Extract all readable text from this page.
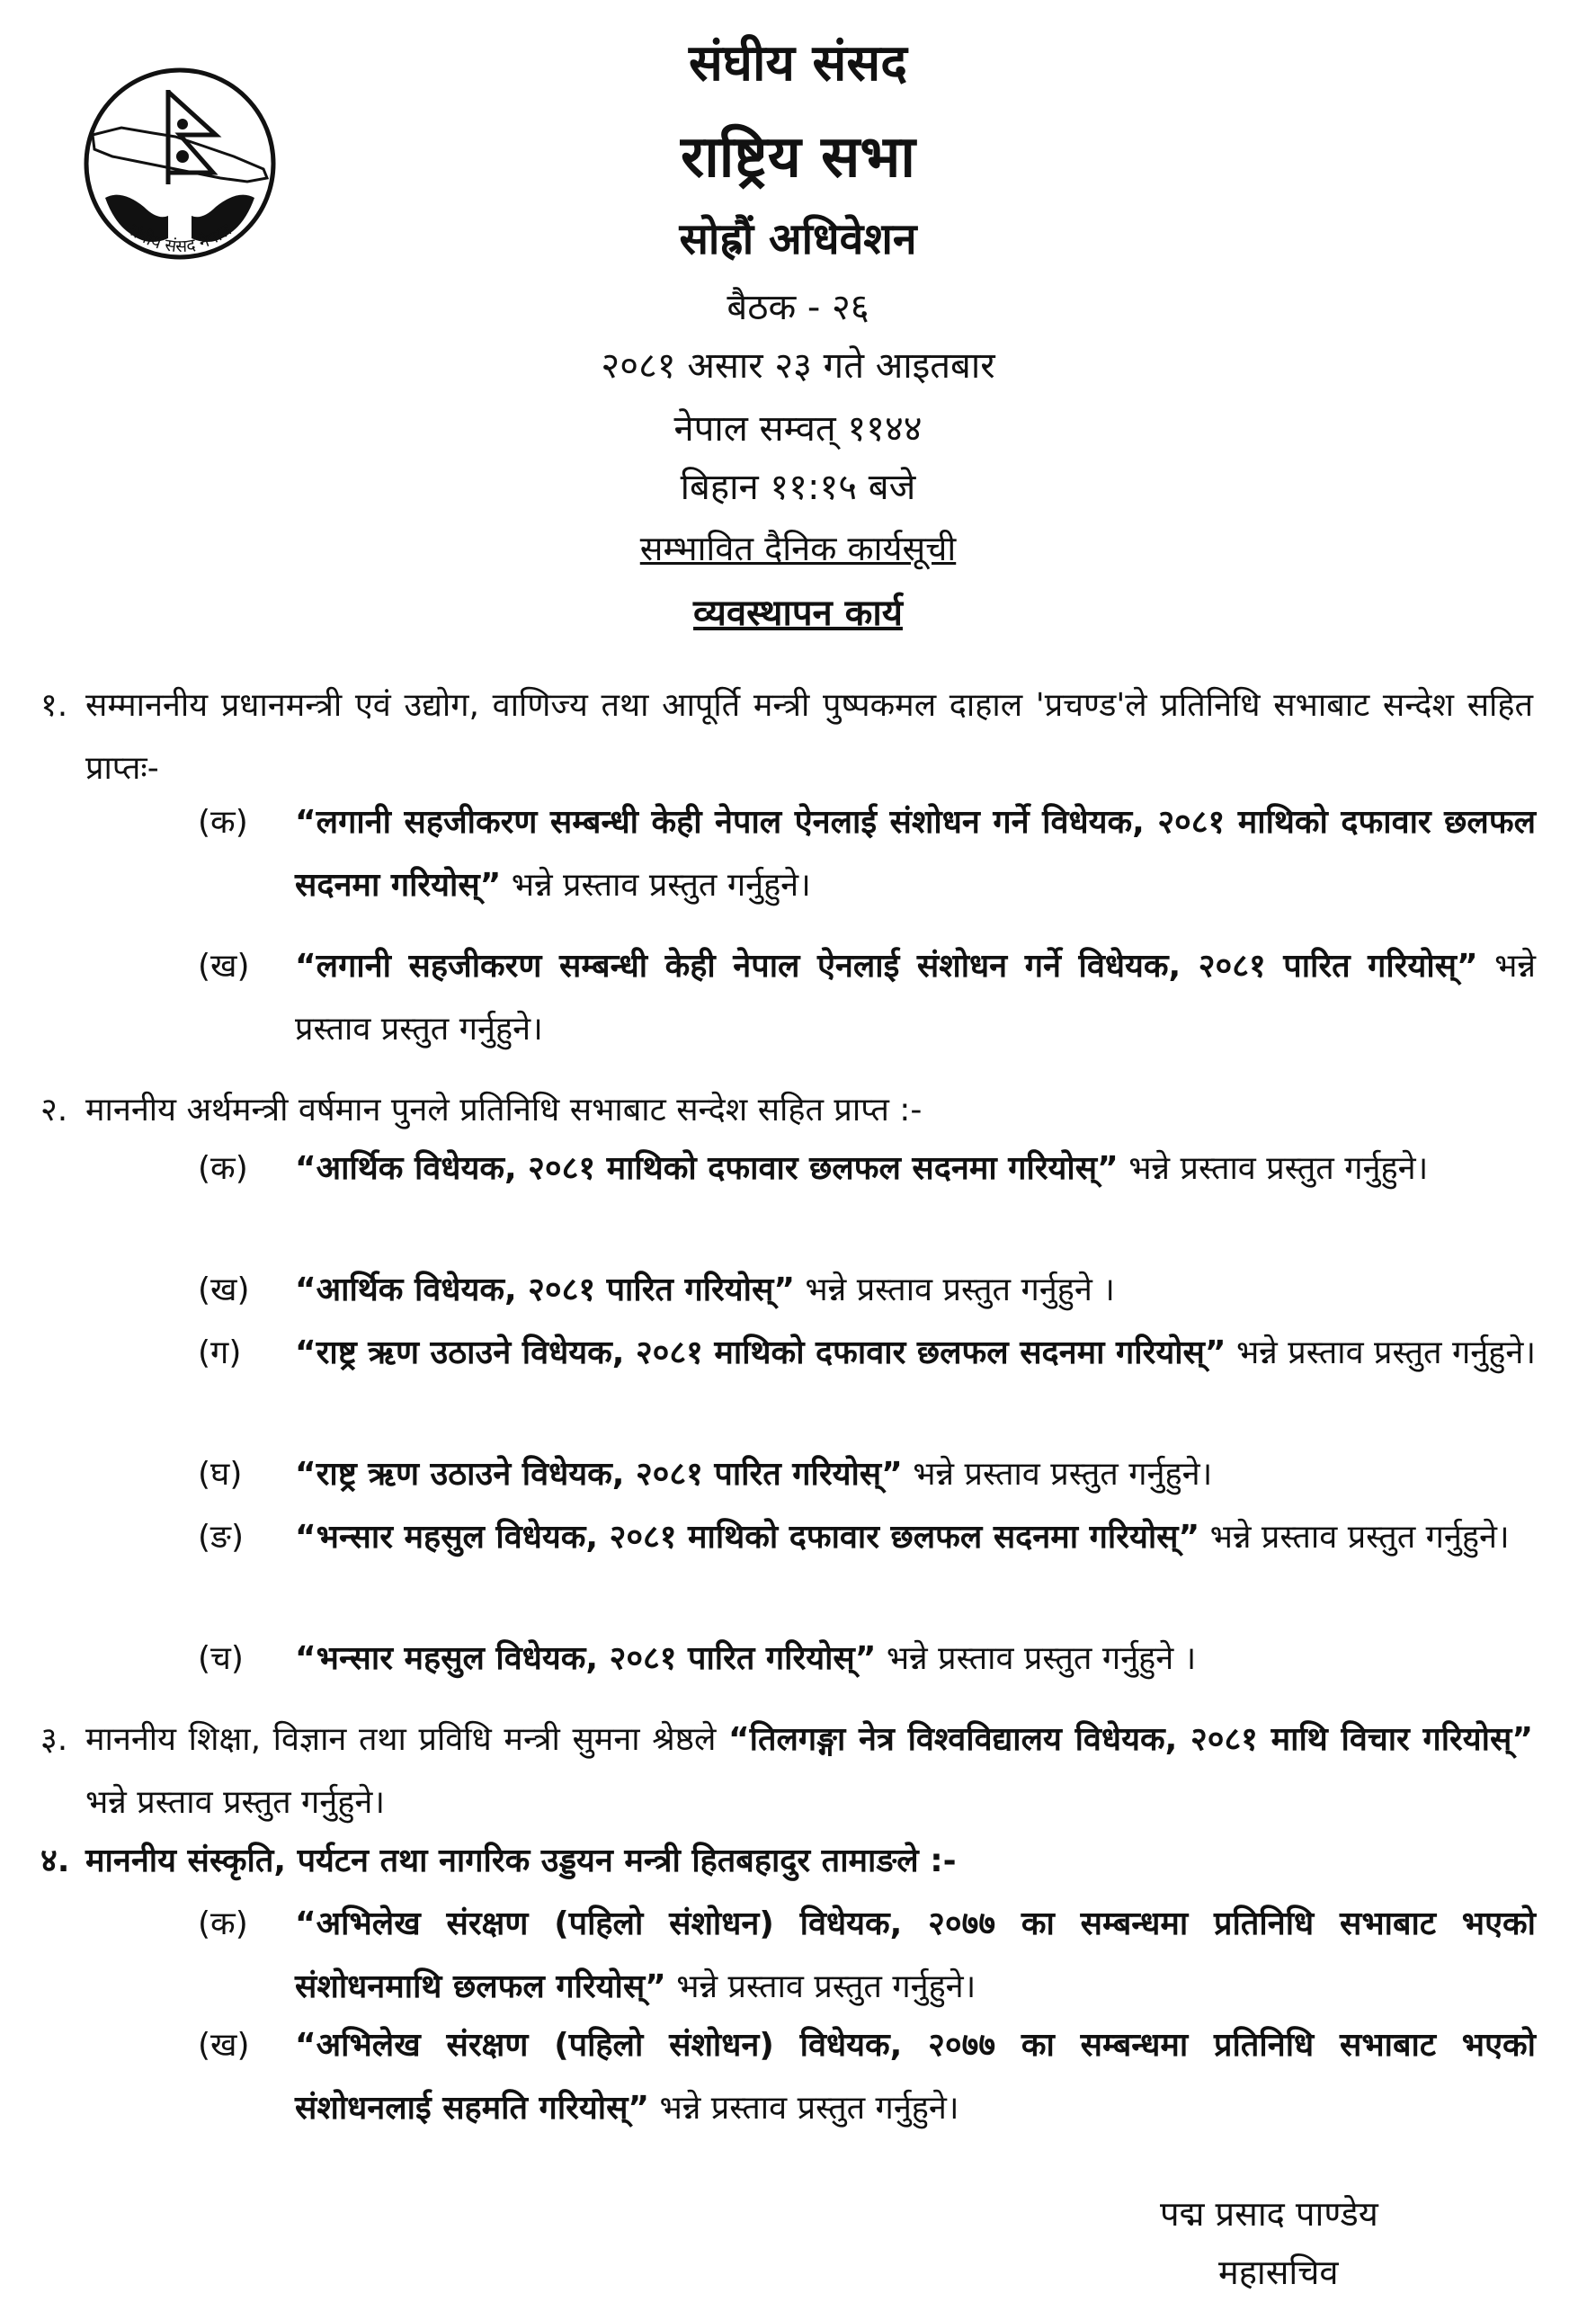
संघीय संसद नेपाल
संघीय संसद
राष्ट्रिय सभा
सोह्रौं अधिवेशन
बैठक - २६
२०८१ असार २३ गते आइतबार
नेपाल सम्वत् ११४४
बिहान ११:१५ बजे
सम्भावित दैनिक कार्यसूची
व्यवस्थापन कार्य
१. सम्माननीय प्रधानमन्त्री एवं उद्योग, वाणिज्य तथा आपूर्ति मन्त्री पुष्पकमल दाहाल 'प्रचण्ड'ले प्रतिनिधि सभाबाट सन्देश सहित प्राप्तः-
(क)	“लगानी सहजीकरण सम्बन्धी केही नेपाल ऐनलाई संशोधन गर्ने विधेयक, २०८१ माथिको दफावार छलफल सदनमा गरियोस्” भन्ने प्रस्ताव प्रस्तुत गर्नुहुने।
(ख)	“लगानी सहजीकरण सम्बन्धी केही नेपाल ऐनलाई संशोधन गर्ने विधेयक, २०८१ पारित गरियोस्” भन्ने प्रस्ताव प्रस्तुत गर्नुहुने।
२. माननीय अर्थमन्त्री वर्षमान पुनले प्रतिनिधि सभाबाट सन्देश सहित प्राप्त :-
(क)	“आर्थिक विधेयक, २०८१ माथिको दफावार छलफल सदनमा गरियोस्” भन्ने प्रस्ताव प्रस्तुत गर्नुहुने।
(ख)	“आर्थिक विधेयक, २०८१ पारित गरियोस्” भन्ने प्रस्ताव प्रस्तुत गर्नुहुने ।
(ग)	“राष्ट्र ऋण उठाउने विधेयक, २०८१ माथिको दफावार छलफल सदनमा गरियोस्” भन्ने प्रस्ताव प्रस्तुत गर्नुहुने।
(घ)	“राष्ट्र ऋण उठाउने विधेयक, २०८१ पारित गरियोस्” भन्ने प्रस्ताव प्रस्तुत गर्नुहुने।
(ङ)	“भन्सार महसुल विधेयक, २०८१ माथिको दफावार छलफल सदनमा गरियोस्” भन्ने प्रस्ताव प्रस्तुत गर्नुहुने।
(च)	“भन्सार महसुल विधेयक, २०८१ पारित गरियोस्” भन्ने प्रस्ताव प्रस्तुत गर्नुहुने ।
३. माननीय शिक्षा, विज्ञान तथा प्रविधि मन्त्री सुमना श्रेष्ठले “तिलगङ्गा नेत्र विश्वविद्यालय विधेयक, २०८१ माथि विचार गरियोस्” भन्ने प्रस्ताव प्रस्तुत गर्नुहुने।
४. माननीय संस्कृति, पर्यटन तथा नागरिक उड्डयन मन्त्री हितबहादुर तामाङले :-
(क)	“अभिलेख संरक्षण (पहिलो संशोधन) विधेयक, २०७७ का सम्बन्धमा प्रतिनिधि सभाबाट भएको संशोधनमाथि छलफल गरियोस्” भन्ने प्रस्ताव प्रस्तुत गर्नुहुने।
(ख)	“अभिलेख संरक्षण (पहिलो संशोधन) विधेयक, २०७७ का सम्बन्धमा प्रतिनिधि सभाबाट भएको संशोधनलाई सहमति गरियोस्” भन्ने प्रस्ताव प्रस्तुत गर्नुहुने।
पद्म प्रसाद पाण्डेय
महासचिव
